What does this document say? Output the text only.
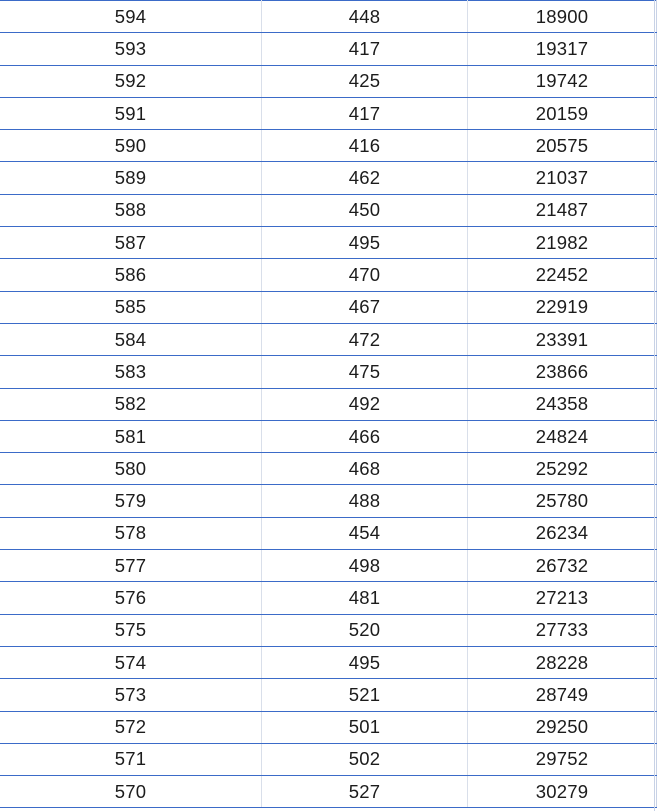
594	448	18900
593	417	19317
592	425	19742
591	417	20159
590	416	20575
589	462	21037
588	450	21487
587	495	21982
586	470	22452
585	467	22919
584	472	23391
583	475	23866
582	492	24358
581	466	24824
580	468	25292
579	488	25780
578	454	26234
577	498	26732
576	481	27213
575	520	27733
574	495	28228
573	521	28749
572	501	29250
571	502	29752
570	527	30279
